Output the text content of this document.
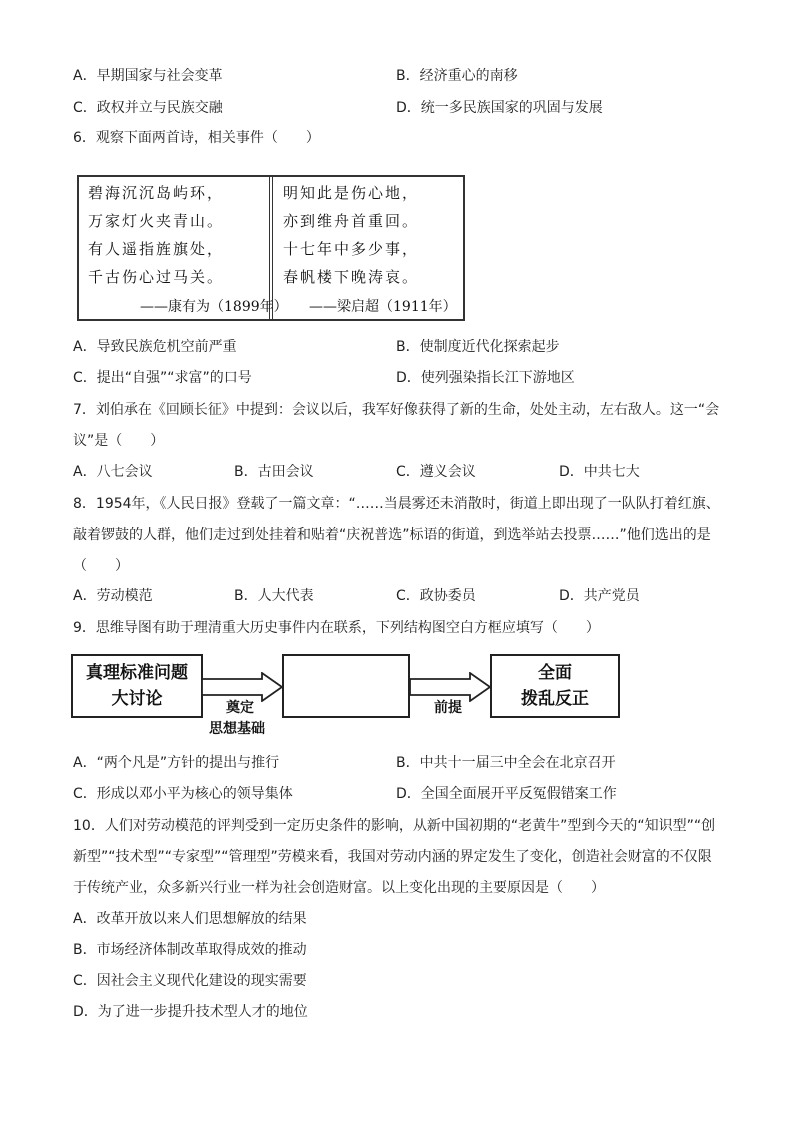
A．早期国家与社会变革	B．经济重心的南移
C．政权并立与民族交融	D．统一多民族国家的巩固与发展
6．观察下面两首诗，相关事件（　　）
碧海沉沉岛屿环，
万家灯火夹青山。
有人遥指旌旗处，
千古伤心过马关。
——康有为（1899年）
明知此是伤心地，
亦到维舟首重回。
十七年中多少事，
春帆楼下晚涛哀。
——梁启超（1911年）
A．导致民族危机空前严重	B．使制度近代化探索起步
C．提出“自强”“求富”的口号	D．使列强染指长江下游地区
7．刘伯承在《回顾长征》中提到：会议以后，我军好像获得了新的生命，处处主动，左右敌人。这一“会议”是（　　）
A．八七会议	B．古田会议	C．遵义会议	D．中共七大
8．1954年，《人民日报》登载了一篇文章：“……当晨雾还未消散时，街道上即出现了一队队打着红旗、敲着锣鼓的人群，他们走过到处挂着和贴着“庆祝普选”标语的街道，到选举站去投票……”他们选出的是（　　）
A．劳动模范	B．人大代表	C．政协委员	D．共产党员
9．思维导图有助于理清重大历史事件内在联系，下列结构图空白方框应填写（　　）
真理标准问题
大讨论
全面
拨乱反正
奠定
思想基础
前提
A．“两个凡是”方针的提出与推行	B．中共十一届三中全会在北京召开
C．形成以邓小平为核心的领导集体	D．全国全面展开平反冤假错案工作
10．人们对劳动模范的评判受到一定历史条件的影响，从新中国初期的“老黄牛”型到今天的“知识型”“创新型”“技术型”“专家型”“管理型”劳模来看，我国对劳动内涵的界定发生了变化，创造社会财富的不仅限于传统产业，众多新兴行业一样为社会创造财富。以上变化出现的主要原因是（　　）
A．改革开放以来人们思想解放的结果
B．市场经济体制改革取得成效的推动
C．因社会主义现代化建设的现实需要
D．为了进一步提升技术型人才的地位
